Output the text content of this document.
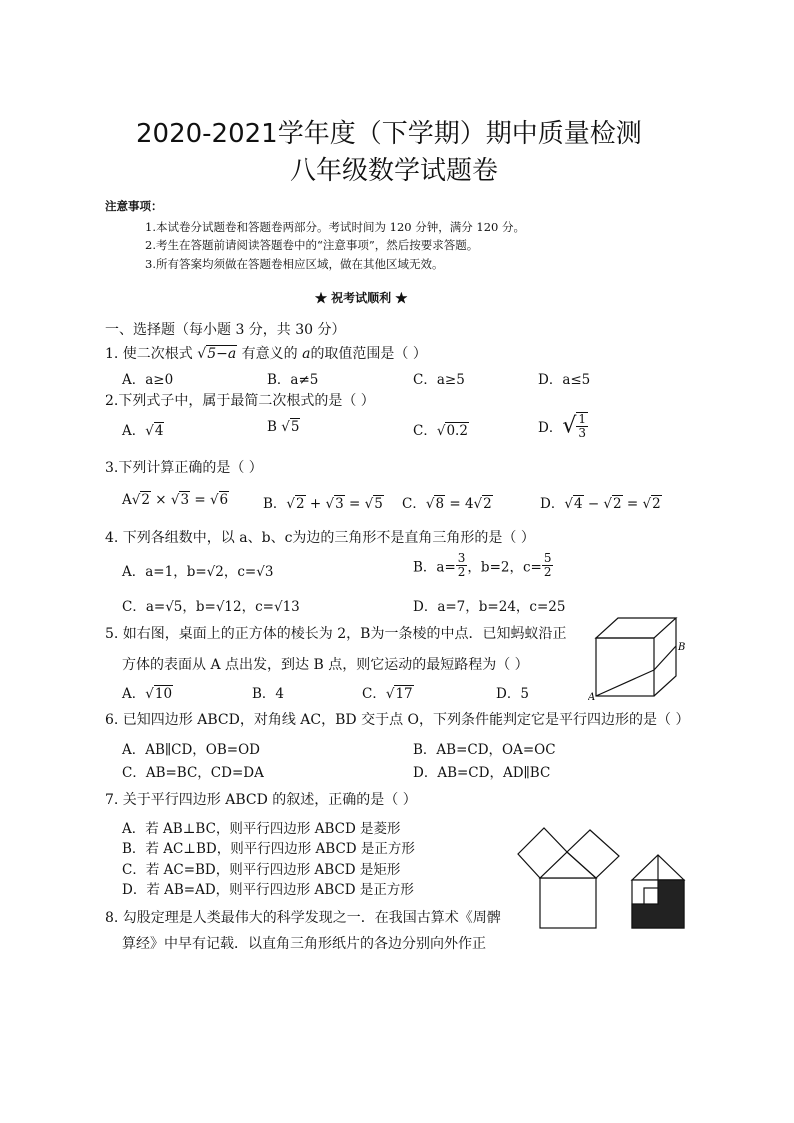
2020-2021学年度（下学期）期中质量检测
八年级数学试题卷
注意事项：
1.本试卷分试题卷和答题卷两部分。考试时间为 120 分钟，满分 120 分。
2.考生在答题前请阅读答题卷中的“注意事项”，然后按要求答题。
3.所有答案均须做在答题卷相应区域，做在其他区域无效。
★ 祝考试顺利 ★
一、选择题（每小题 3 分，共 30 分）
1. 使二次根式 √5−a 有意义的 a的取值范围是（ ）
A．a≥0	B．a≠5	C．a≥5	D．a≤5
2.下列式子中，属于最简二次根式的是（ ）
A．√4	B √5	C．√0.2	D．√ $\frac{1}{3}$
3.下列计算正确的是（ ）
A√2 × √3 = √6	B．√2 + √3 = √5 C．√8 = 4√2	D．√4 − √2 = √2
4. 下列各组数中，以 a、b、c为边的三角形不是直角三角形的是（ ）
A．a=1，b=√2，c=√3	B．$a= \frac{3}{2}$ ，b=2，$c= \frac{5}{2}$
C．a=√5，b=√12，c=√13	D．a=7，b=24，c=25
5. 如右图，桌面上的正方体的棱长为 2，B为一条棱的中点．已知蚂蚁沿正
方体的表面从 A 点出发，到达 B 点，则它运动的最短路程为（ ）
A．√10	B．4	C．√17	D．5
B
A
6. 已知四边形 ABCD，对角线 AC，BD 交于点 O，下列条件能判定它是平行四边形的是（ ）
A．AB∥CD，OB=OD	B．AB=CD，OA=OC
C．AB=BC，CD=DA	D．AB=CD，AD∥BC
7. 关于平行四边形 ABCD 的叙述，正确的是（ ）
A．若 AB⊥BC，则平行四边形 ABCD 是菱形
B．若 AC⊥BD，则平行四边形 ABCD 是正方形
C．若 AC=BD，则平行四边形 ABCD 是矩形
D．若 AB=AD，则平行四边形 ABCD 是正方形
8. 勾股定理是人类最伟大的科学发现之一．在我国古算术《周髀
算经》中早有记载．以直角三角形纸片的各边分别向外作正
